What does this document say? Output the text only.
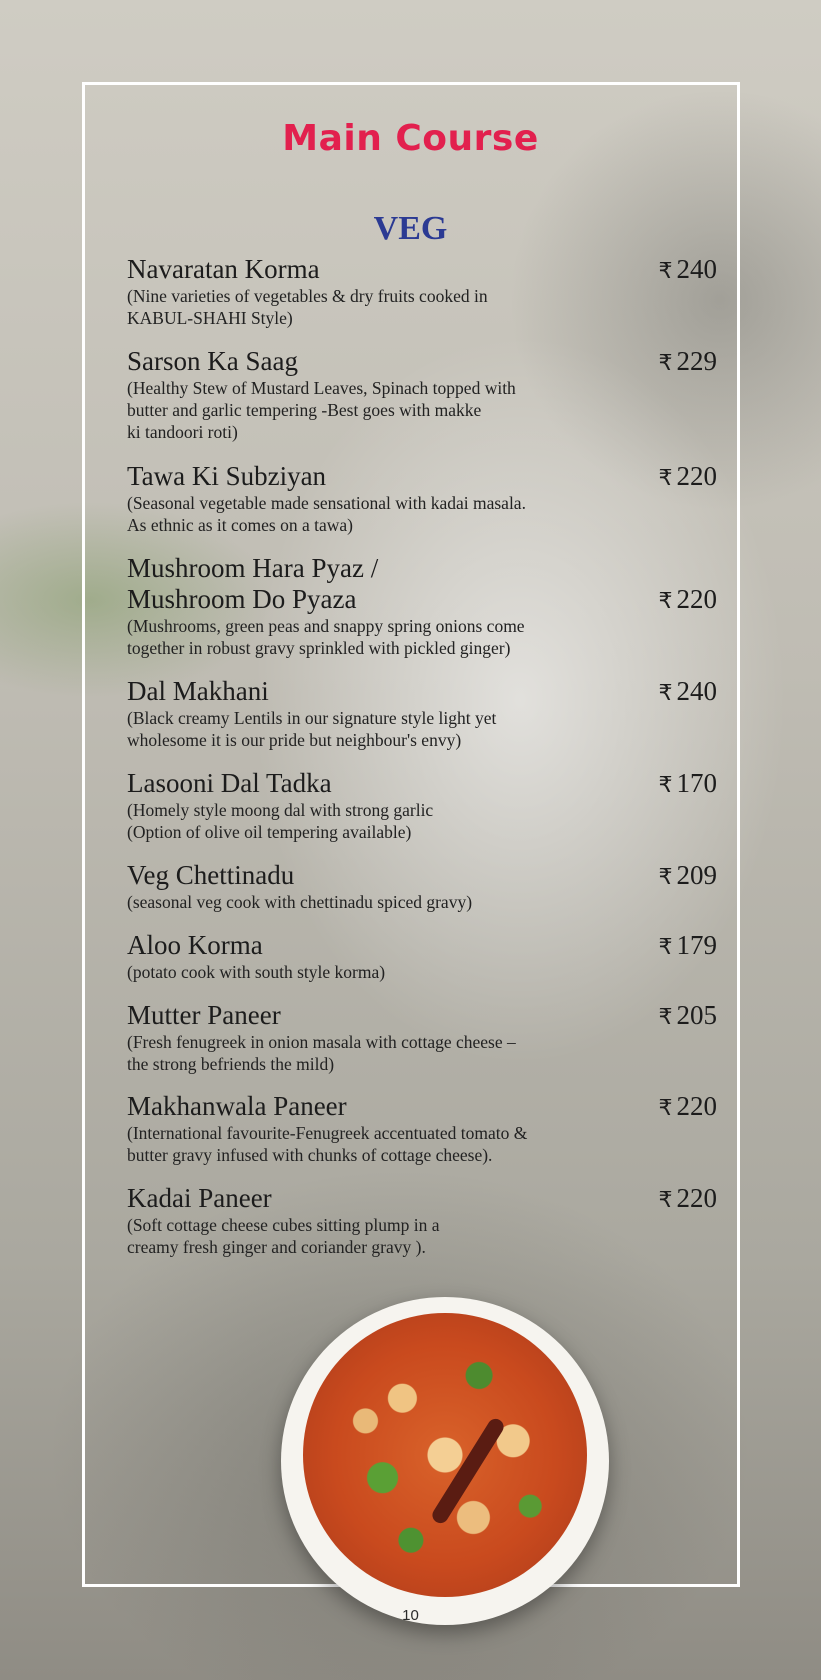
Main Course
VEG
Navaratan Korma
(Nine varieties of vegetables & dry fruits cooked in
KABUL-SHAHI Style)
₹ 240
Sarson Ka Saag
(Healthy Stew of Mustard Leaves, Spinach topped with
butter and garlic tempering -Best goes with makke
ki tandoori roti)
₹ 229
Tawa Ki Subziyan
(Seasonal vegetable made sensational with kadai masala.
As ethnic as it comes on a tawa)
₹ 220
Mushroom Hara Pyaz /
Mushroom Do Pyaza
(Mushrooms, green peas and snappy spring onions come
together in robust gravy sprinkled with pickled ginger)
₹ 220
Dal Makhani
(Black creamy Lentils in our signature style light yet
wholesome it is our pride but neighbour's envy)
₹ 240
Lasooni Dal Tadka
(Homely style moong dal with strong garlic
(Option of olive oil tempering available)
₹ 170
Veg Chettinadu
(seasonal veg cook with chettinadu spiced gravy)
₹ 209
Aloo Korma
(potato cook with south style korma)
₹ 179
Mutter Paneer
(Fresh fenugreek in onion masala with cottage cheese –
the strong befriends the mild)
₹ 205
Makhanwala Paneer
(International favourite-Fenugreek accentuated tomato &
butter gravy infused with chunks of cottage cheese).
₹ 220
Kadai Paneer
(Soft cottage cheese cubes sitting plump in a
creamy fresh ginger and coriander gravy ).
₹ 220
10
